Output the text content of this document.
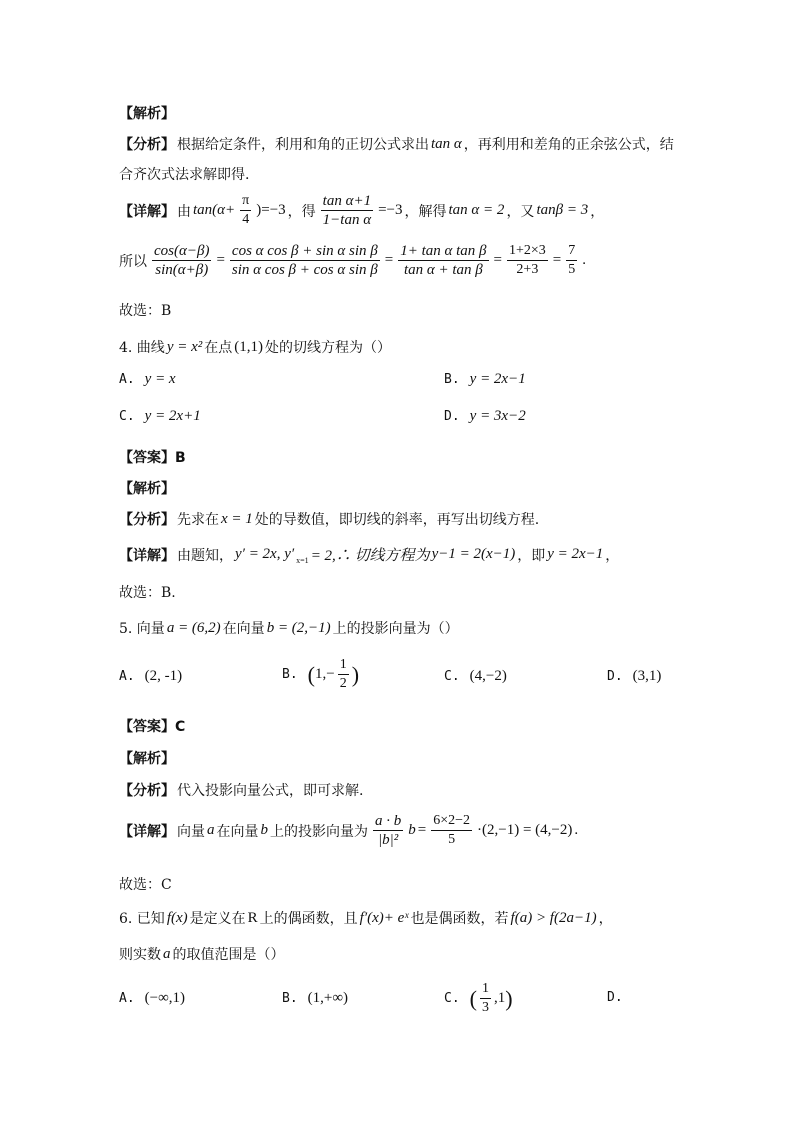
【解析】
【分析】 根据给定条件，利用和角的正切公式求出 tan α ，再利用和差角的正余弦公式，结
合齐次式法求解即得.
【详解】 由 $\tan(\alpha+ \frac{\pi}{4} )=-3$ ，得 $\frac{\text{tan α+1}}{\text{1−tan α}} =-3$ ，解得 tan α = 2 ，又 tanβ = 3 ，
所以 $\frac{\cos(\alpha-\beta)}{\sin(\alpha+\beta)} = \frac{\text{cos α cos β + sin α sin β}}{\text{sin α cos β + cos α sin β}} = \frac{\text{1+ tan α tan β}}{\text{tan α + tan β}} = \frac{1+2\times 3}{2+3} = \frac{7}{5}$ .
故选：B
4. 曲线 y = x² 在点 (1,1) 处的切线方程为（）
A. y = x	B. y = 2x−1
C. y = 2x+1	D. y = 3x−2
【答案】B
【解析】
【分析】 先求在 x = 1 处的导数值，即切线的斜率，再写出切线方程.
【详解】 由题知， y′ = 2x, y′ x=1 = 2,∴ 切线方程为 y−1 = 2(x−1) ，即 y = 2x−1 ，
故选：B.
5. 向量 a = (6,2) 在向量 b = (2,−1) 上的投影向量为（）
A. (2, -1)	B. ( $1,- \frac{1}{2}$ )	C. (4,−2)	D. (3,1)
【答案】C
【解析】
【分析】 代入投影向量公式，即可求解.
【详解】 向量 a 在向量 b 上的投影向量为 $\frac{a \cdot b}{\text{|b|²}}$ $b = \frac{6\times 2-2}{5} \cdot(2,-1) = (4,-2)$ .
故选：C
6. 已知 f(x) 是定义在 R 上的偶函数，且 f′(x)+ eˣ 也是偶函数，若 f(a) > f(2a−1) ，
则实数 a 的取值范围是（）
A. (−∞,1)	B. (1,+∞)	C. ( $\frac{1}{3} ,1$ )	D.
